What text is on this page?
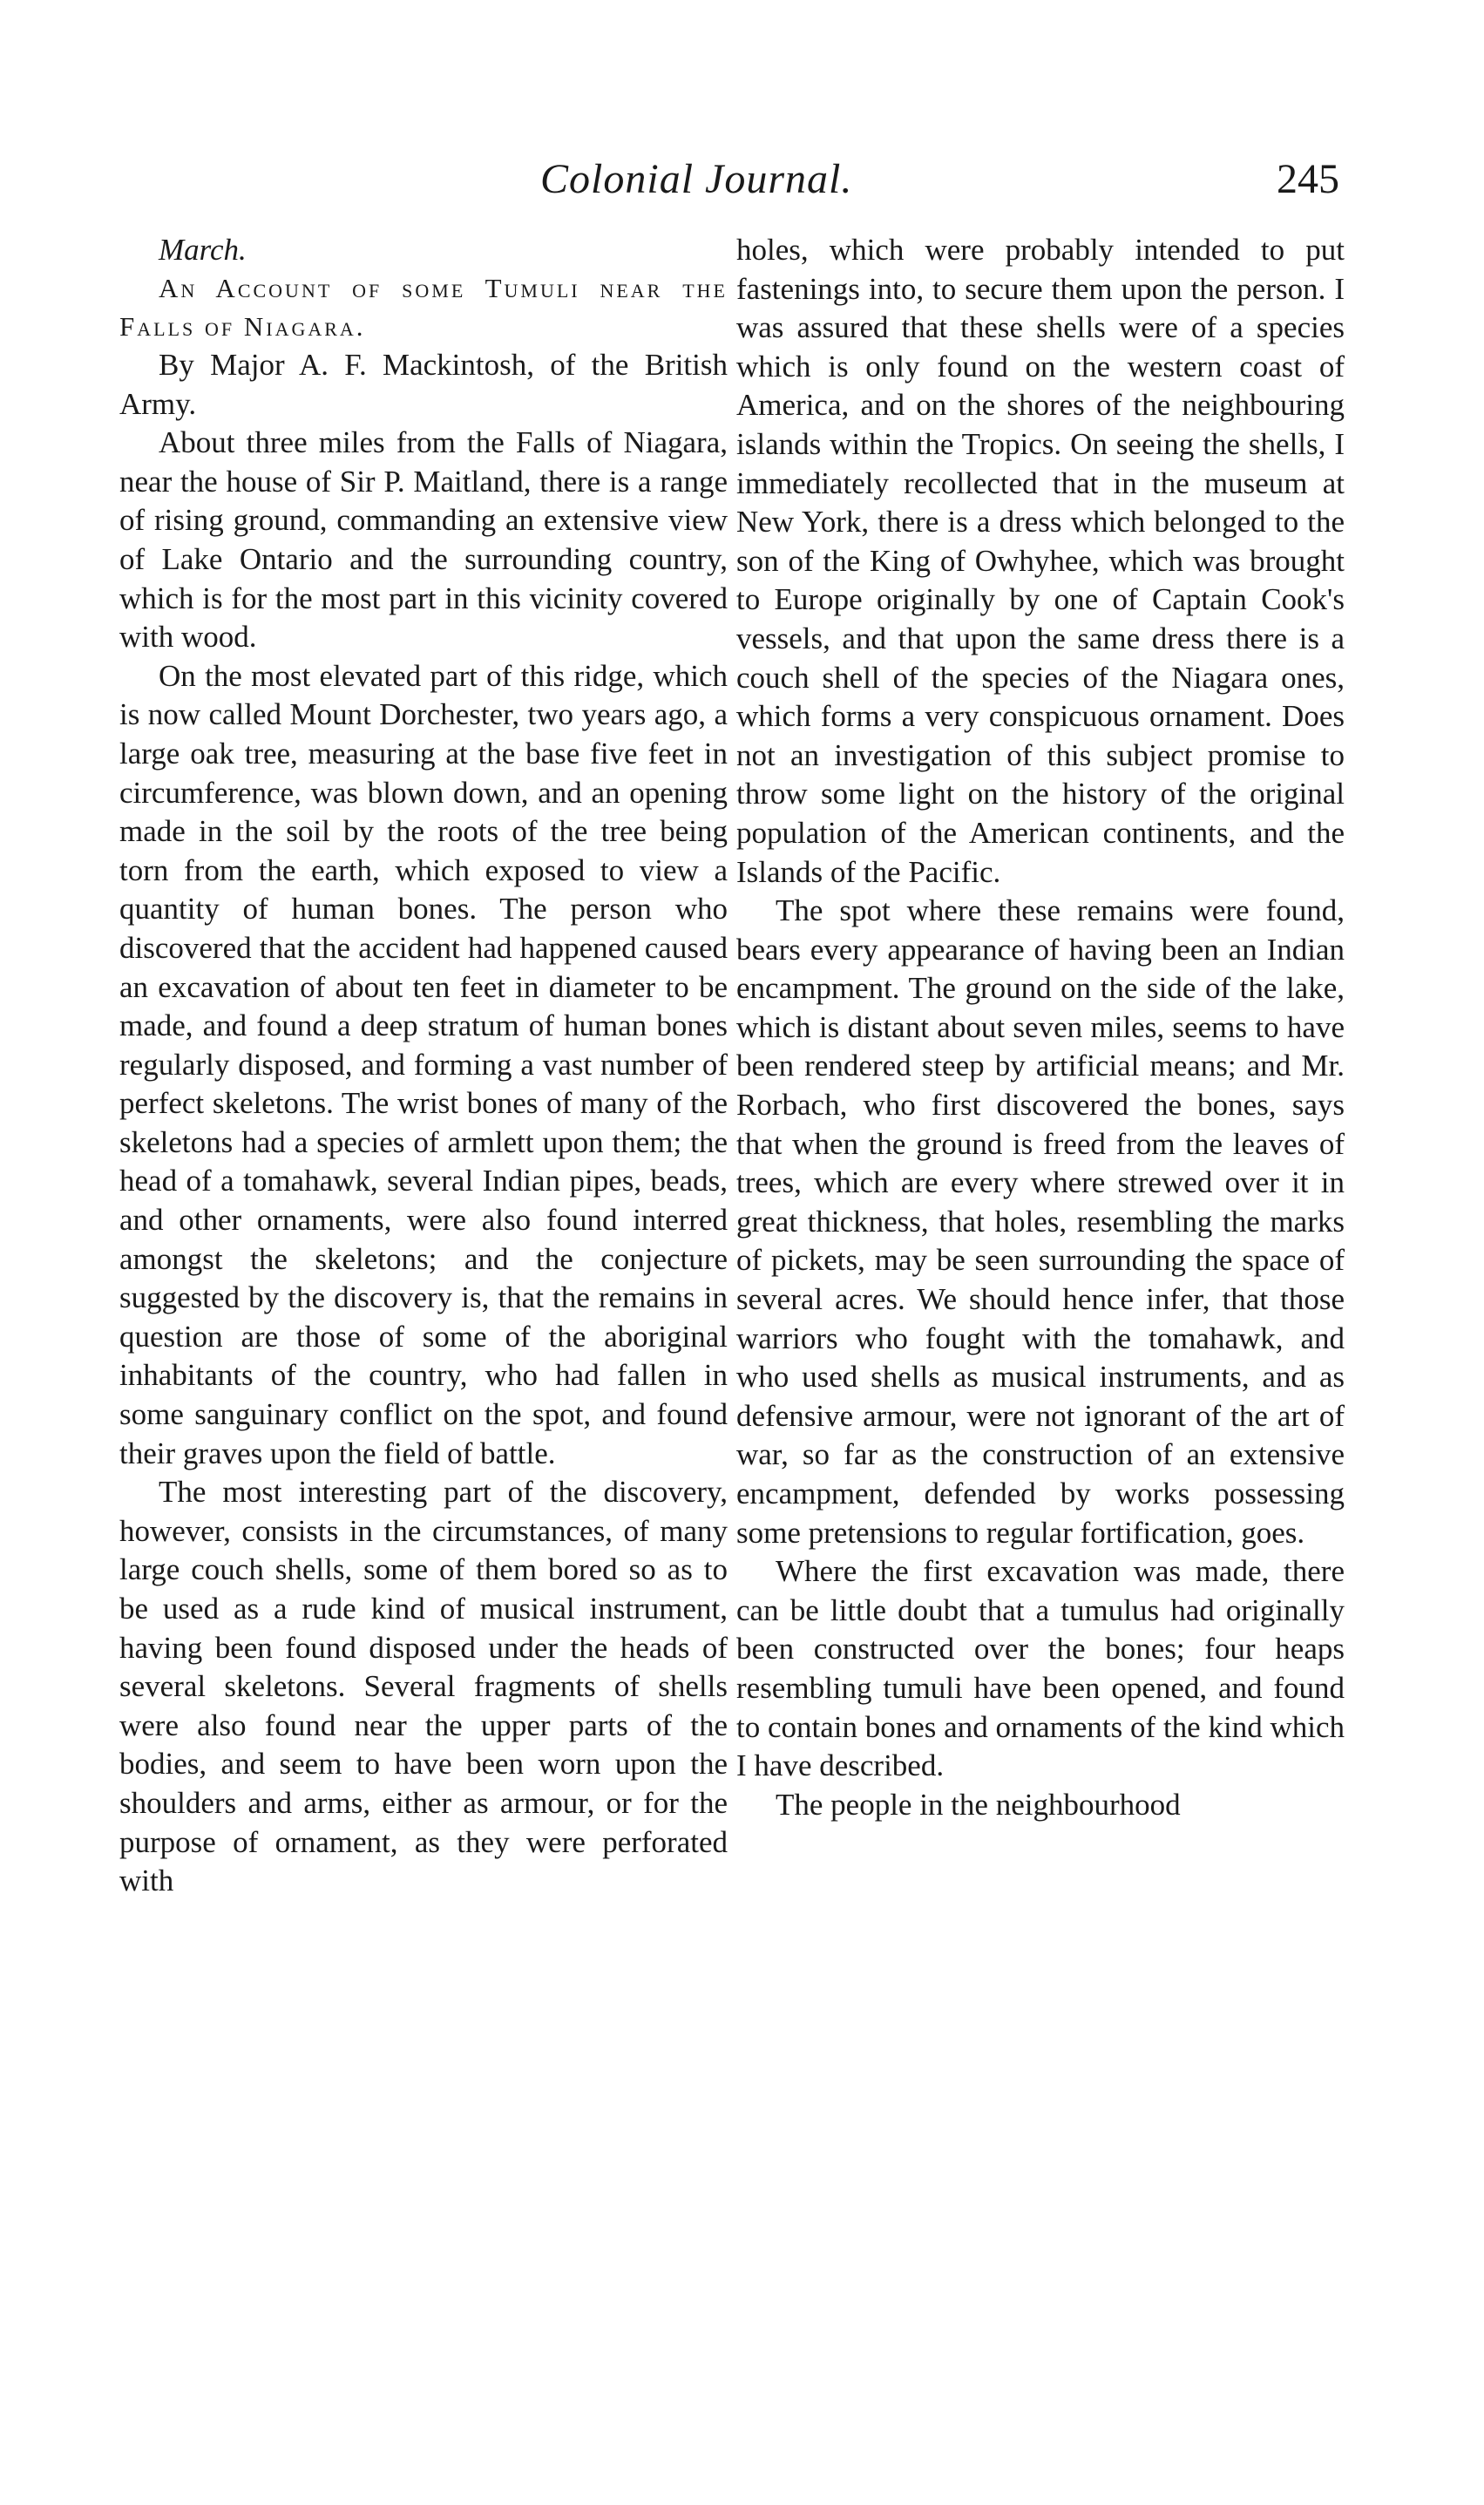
Colonial Journal.	245

March.

An Account of some Tumuli near the Falls of Niagara.

By Major A. F. Mackintosh, of the British Army.

About three miles from the Falls of Niagara, near the house of Sir P. Maitland, there is a range of rising ground, commanding an extensive view of Lake Ontario and the surrounding country, which is for the most part in this vicinity covered with wood.

On the most elevated part of this ridge, which is now called Mount Dorchester, two years ago, a large oak tree, measuring at the base five feet in circumference, was blown down, and an opening made in the soil by the roots of the tree being torn from the earth, which exposed to view a quantity of human bones. The person who discovered that the accident had happened caused an excavation of about ten feet in diameter to be made, and found a deep stratum of human bones regularly disposed, and forming a vast number of perfect skeletons. The wrist bones of many of the skeletons had a species of armlett upon them; the head of a tomahawk, several Indian pipes, beads, and other ornaments, were also found interred amongst the skeletons; and the conjecture suggested by the discovery is, that the remains in question are those of some of the aboriginal inhabitants of the country, who had fallen in some sanguinary conflict on the spot, and found their graves upon the field of battle.

The most interesting part of the discovery, however, consists in the circumstances, of many large couch shells, some of them bored so as to be used as a rude kind of musical instrument, having been found disposed under the heads of several skeletons. Several fragments of shells were also found near the upper parts of the bodies, and seem to have been worn upon the shoulders and arms, either as armour, or for the purpose of ornament, as they were perforated with

holes, which were probably intended to put fastenings into, to secure them upon the person. I was assured that these shells were of a species which is only found on the western coast of America, and on the shores of the neighbouring islands within the Tropics. On seeing the shells, I immediately recollected that in the museum at New York, there is a dress which belonged to the son of the King of Owhyhee, which was brought to Europe originally by one of Captain Cook's vessels, and that upon the same dress there is a couch shell of the species of the Niagara ones, which forms a very conspicuous ornament. Does not an investigation of this subject promise to throw some light on the history of the original population of the American continents, and the Islands of the Pacific.

The spot where these remains were found, bears every appearance of having been an Indian encampment. The ground on the side of the lake, which is distant about seven miles, seems to have been rendered steep by artificial means; and Mr. Rorbach, who first discovered the bones, says that when the ground is freed from the leaves of trees, which are every where strewed over it in great thickness, that holes, resembling the marks of pickets, may be seen surrounding the space of several acres. We should hence infer, that those warriors who fought with the tomahawk, and who used shells as musical instruments, and as defensive armour, were not ignorant of the art of war, so far as the construction of an extensive encampment, defended by works possessing some pretensions to regular fortification, goes.

Where the first excavation was made, there can be little doubt that a tumulus had originally been constructed over the bones; four heaps resembling tumuli have been opened, and found to contain bones and ornaments of the kind which I have described.

The people in the neighbourhood
